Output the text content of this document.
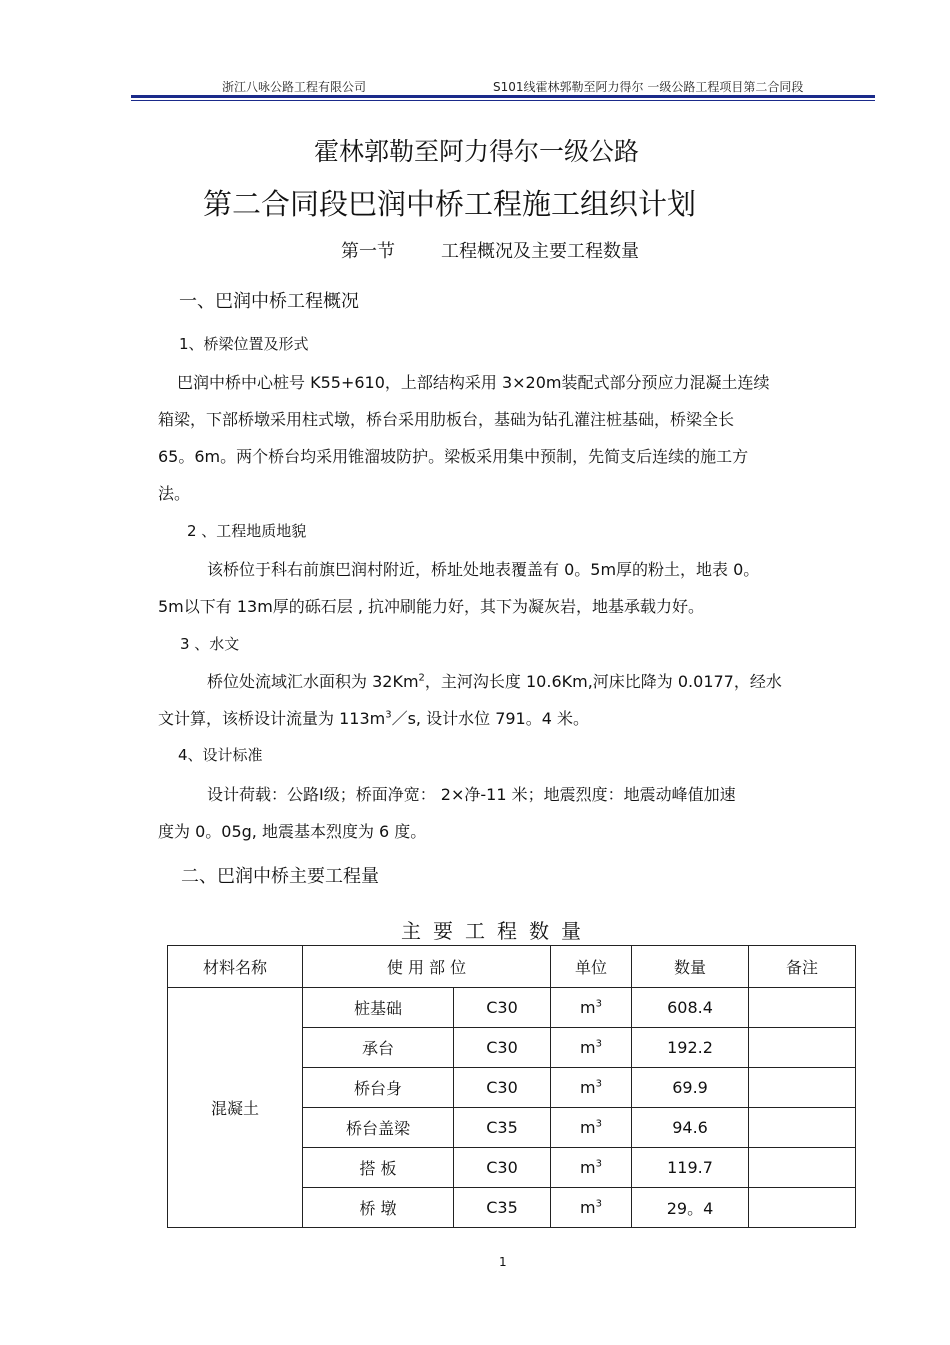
浙江八咏公路工程有限公司	S101线霍林郭勒至阿力得尔 一级公路工程项目第二合同段
霍林郭勒至阿力得尔一级公路
第二合同段巴润中桥工程施工组织计划
第一节	工程概况及主要工程数量
一、巴润中桥工程概况
1、桥梁位置及形式
巴润中桥中心桩号 K55+610，上部结构采用 3×20m装配式部分预应力混凝土连续
箱梁，下部桥墩采用柱式墩，桥台采用肋板台，基础为钻孔灌注桩基础，桥梁全长
65。6m。两个桥台均采用锥溜坡防护。梁板采用集中预制，先简支后连续的施工方
法。
2 、工程地质地貌
该桥位于科右前旗巴润村附近，桥址处地表覆盖有 0。5m厚的粉土，地表 0。
5m以下有 13m厚的砾石层 , 抗冲刷能力好，其下为凝灰岩，地基承载力好。
3 、水文
桥位处流域汇水面积为 32Km$^2$，主河沟长度 10.6Km,河床比降为 0.0177，经水
文计算，该桥设计流量为 $113m^3/s$, 设计水位 791。4 米。
4、设计标准
设计荷载：公路Ⅰ级；桥面净宽： 2×净-11 米；地震烈度：地震动峰值加速
度为 0。05g, 地震基本烈度为 6 度。
二、巴润中桥主要工程量
主要工程数量
材料名称	使 用 部 位		单位	数量	备注
混凝土	桩基础	C30	$m^3$	608.4	
	承台	C30	$m^3$	192.2	
	桥台身	C30	$m^3$	69.9	
	桥台盖梁	C35	$m^3$	94.6	
	搭 板	C30	$m^3$	119.7	
	桥 墩	C35	$m^3$	29。4	
1
